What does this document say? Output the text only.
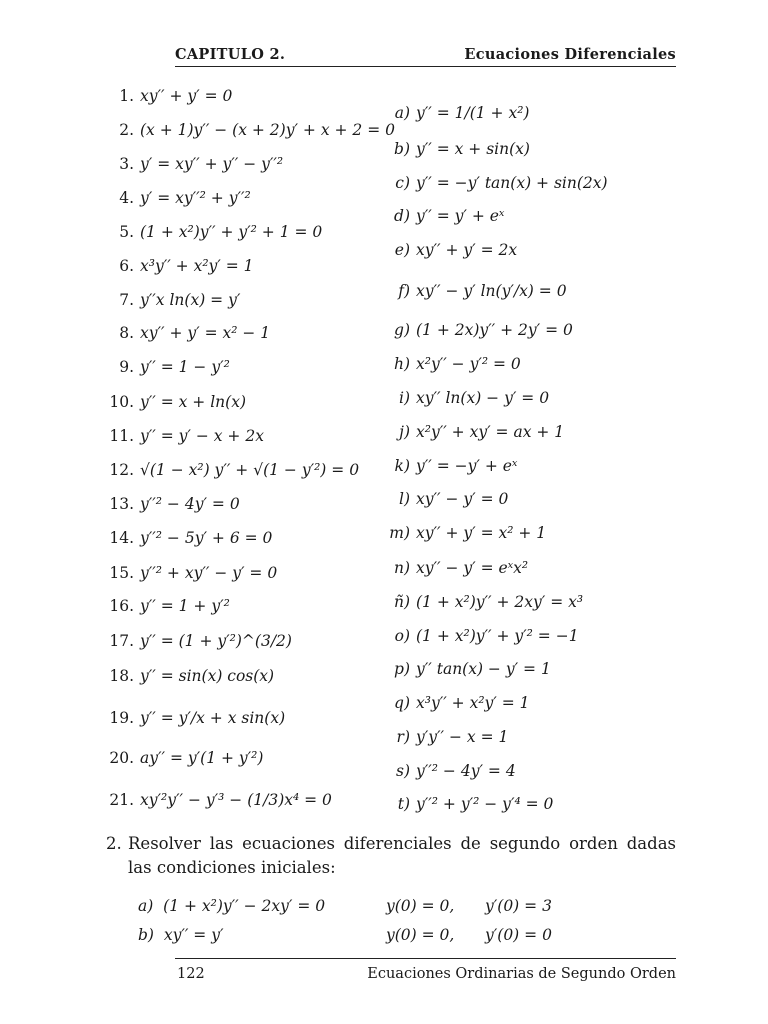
CAPITULO 2.	Ecuaciones Diferenciales
1. xy′′ + y′ = 0
2. (x + 1)y′′ − (x + 2)y′ + x + 2 = 0
3. y′ = xy′′ + y′′ − y′′²
4. y′ = xy′′² + y′′²
5. (1 + x²)y′′ + y′² + 1 = 0
6. x³y′′ + x²y′ = 1
7. y′′x ln(x) = y′
8. xy′′ + y′ = x² − 1
9. y′′ = 1 − y′²
10. y′′ = x + ln(x)
11. y′′ = y′ − x + 2x
12. √(1 − x²) y′′ + √(1 − y′²) = 0
13. y′′² − 4y′ = 0
14. y′′² − 5y′ + 6 = 0
15. y′′² + xy′′ − y′ = 0
16. y′′ = 1 + y′²
17. y′′ = (1 + y′²)^(3/2)
18. y′′ = sin(x) cos(x)
19. y′′ = y′/x + x sin(x)
20. ay′′ = y′(1 + y′²)
21. xy′²y′′ − y′³ − (1/3)x⁴ = 0
a) y′′ = 1/(1 + x²)
b) y′′ = x + sin(x)
c) y′′ = −y′ tan(x) + sin(2x)
d) y′′ = y′ + eˣ
e) xy′′ + y′ = 2x
f) xy′′ − y′ ln(y′/x) = 0
g) (1 + 2x)y′′ + 2y′ = 0
h) x²y′′ − y′² = 0
i) xy′′ ln(x) − y′ = 0
j) x²y′′ + xy′ = ax + 1
k) y′′ = −y′ + eˣ
l) xy′′ − y′ = 0
m) xy′′ + y′ = x² + 1
n) xy′′ − y′ = eˣx²
ñ) (1 + x²)y′′ + 2xy′ = x³
o) (1 + x²)y′′ + y′² = −1
p) y′′ tan(x) − y′ = 1
q) x³y′′ + x²y′ = 1
r) y′y′′ − x = 1
s) y′′² − 4y′ = 4
t) y′′² + y′² − y′⁴ = 0
2. Resolver las ecuaciones diferenciales de segundo orden dadas las condiciones iniciales:
a) (1 + x²)y′′ − 2xy′ = 0	y(0) = 0, y′(0) = 3
b) xy′′ = y′	y(0) = 0, y′(0) = 0
122	Ecuaciones Ordinarias de Segundo Orden
